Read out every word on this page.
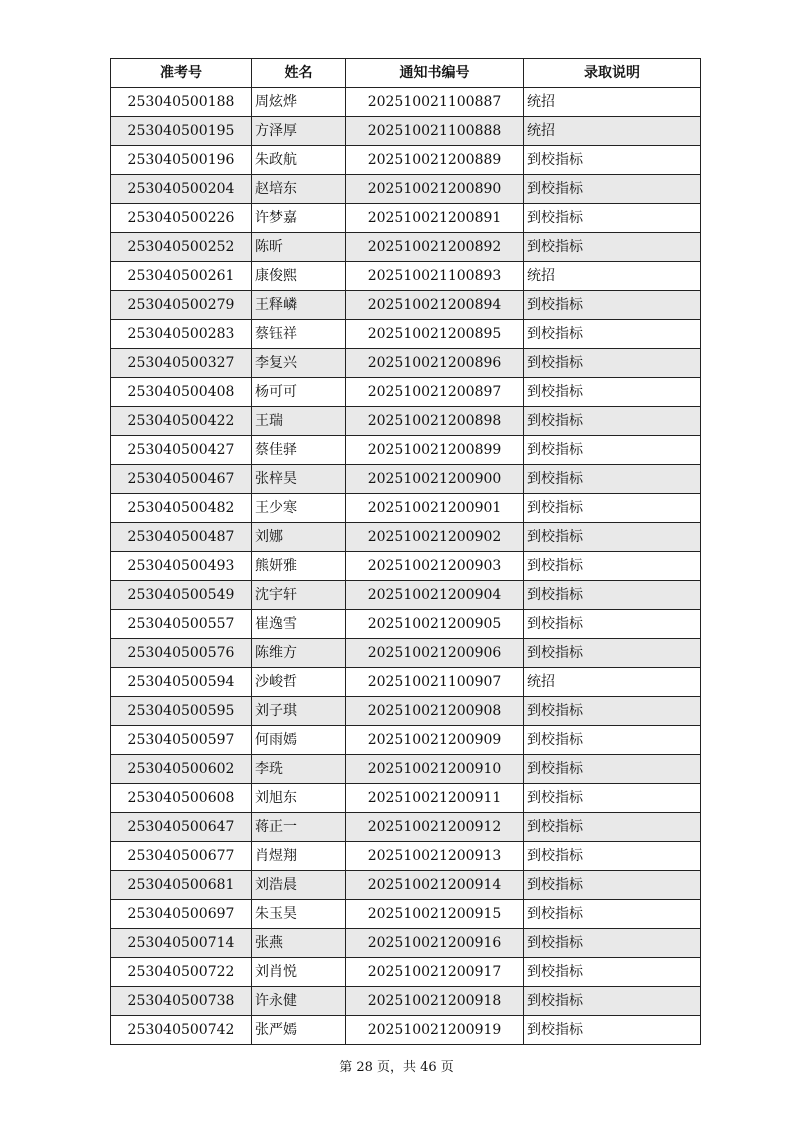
准考号	姓名	通知书编号	录取说明
253040500188	周炫烨	202510021100887	统招
253040500195	方泽厚	202510021100888	统招
253040500196	朱政航	202510021200889	到校指标
253040500204	赵培东	202510021200890	到校指标
253040500226	许梦嘉	202510021200891	到校指标
253040500252	陈昕	202510021200892	到校指标
253040500261	康俊熙	202510021100893	统招
253040500279	王释嶙	202510021200894	到校指标
253040500283	蔡钰祥	202510021200895	到校指标
253040500327	李复兴	202510021200896	到校指标
253040500408	杨可可	202510021200897	到校指标
253040500422	王瑞	202510021200898	到校指标
253040500427	蔡佳驿	202510021200899	到校指标
253040500467	张梓昊	202510021200900	到校指标
253040500482	王少寒	202510021200901	到校指标
253040500487	刘娜	202510021200902	到校指标
253040500493	熊妍雅	202510021200903	到校指标
253040500549	沈宇轩	202510021200904	到校指标
253040500557	崔逸雪	202510021200905	到校指标
253040500576	陈维方	202510021200906	到校指标
253040500594	沙峻哲	202510021100907	统招
253040500595	刘子琪	202510021200908	到校指标
253040500597	何雨嫣	202510021200909	到校指标
253040500602	李珗	202510021200910	到校指标
253040500608	刘旭东	202510021200911	到校指标
253040500647	蒋正一	202510021200912	到校指标
253040500677	肖煜翔	202510021200913	到校指标
253040500681	刘浩晨	202510021200914	到校指标
253040500697	朱玉昊	202510021200915	到校指标
253040500714	张燕	202510021200916	到校指标
253040500722	刘肖悦	202510021200917	到校指标
253040500738	许永健	202510021200918	到校指标
253040500742	张严嫣	202510021200919	到校指标
第 28 页，共 46 页
